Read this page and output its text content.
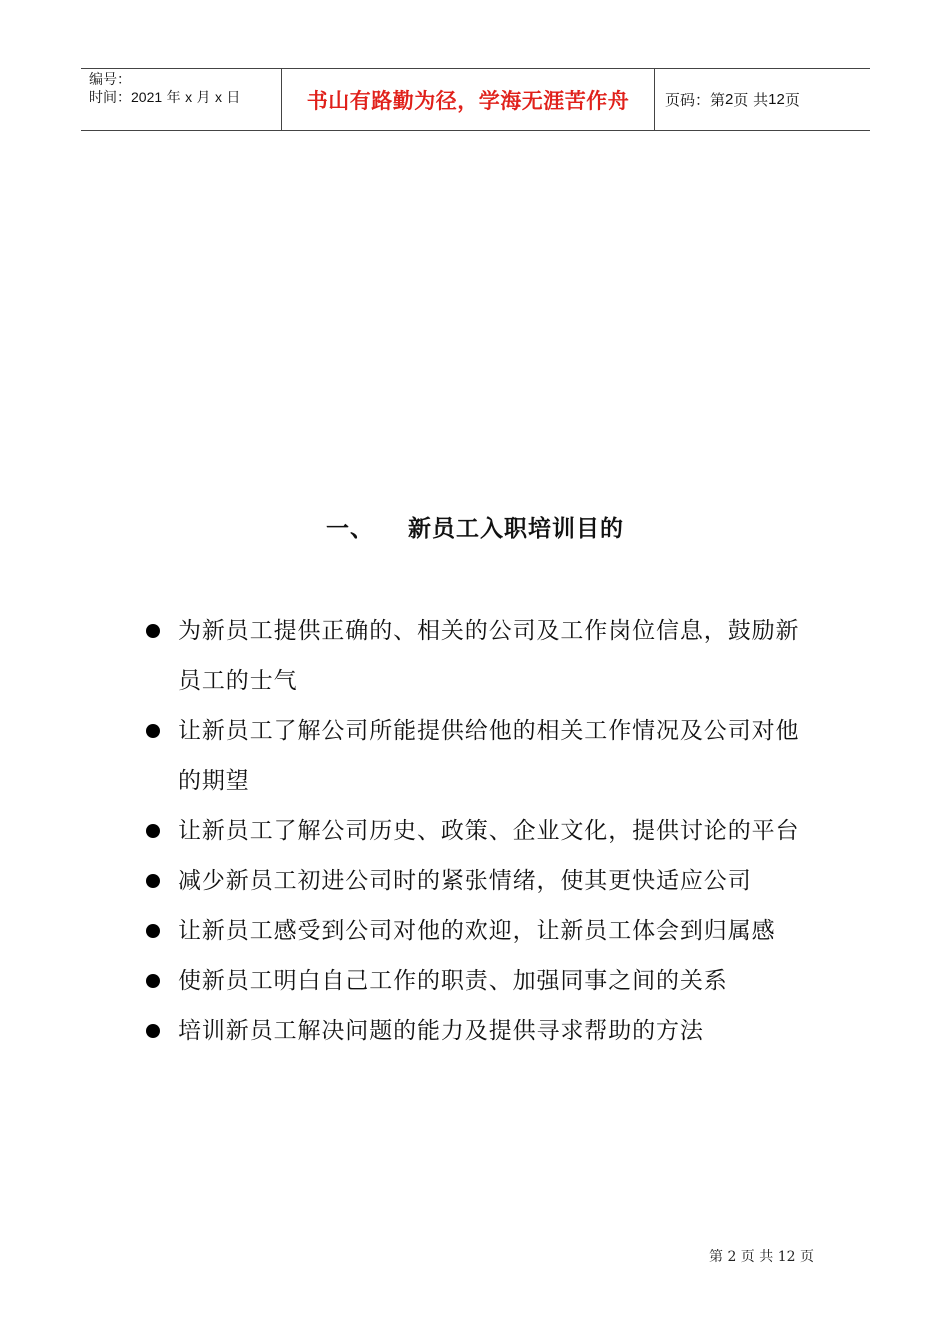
编号：
时间：2021 年 x 月 x 日	书山有路勤为径，学海无涯苦作舟 页码：第 2 页 共 12 页
一、 新员工入职培训目的
为新员工提供正确的、相关的公司及工作岗位信息，鼓励新员工的士气
让新员工了解公司所能提供给他的相关工作情况及公司对他的期望
让新员工了解公司历史、政策、企业文化，提供讨论的平台
减少新员工初进公司时的紧张情绪，使其更快适应公司
让新员工感受到公司对他的欢迎，让新员工体会到归属感
使新员工明白自己工作的职责、加强同事之间的关系
培训新员工解决问题的能力及提供寻求帮助的方法
第 2 页 共 12 页
